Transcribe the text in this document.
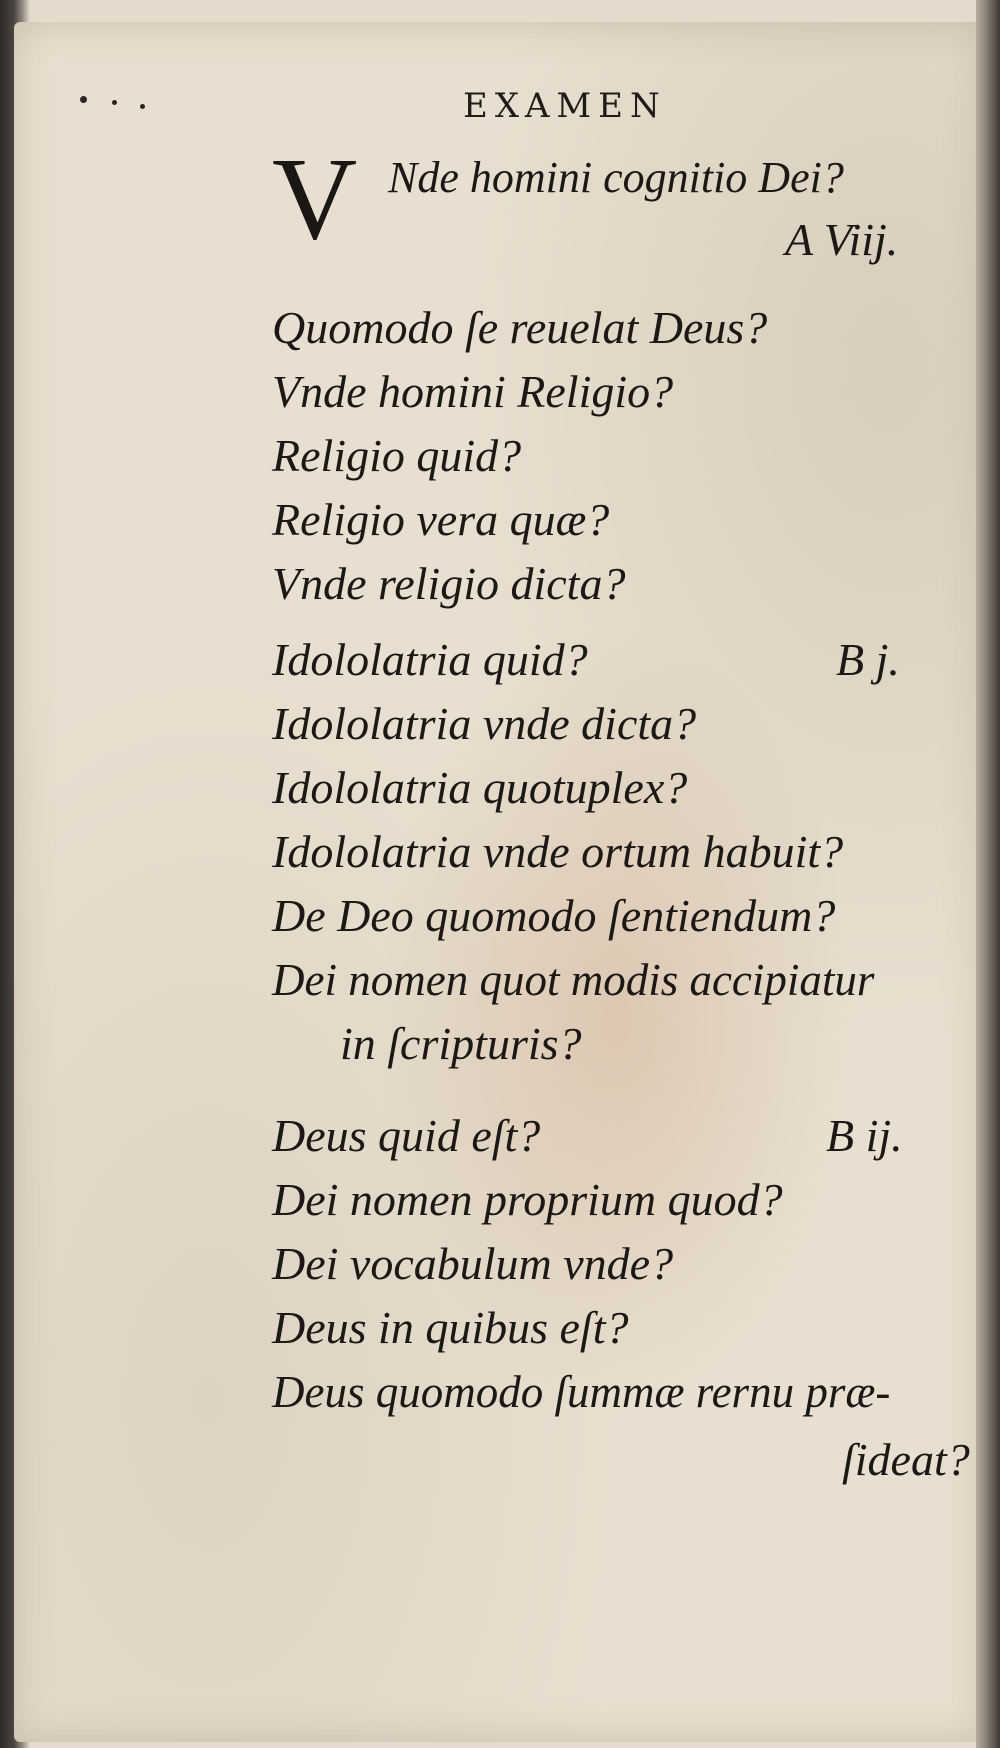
EXAMEN
V Nde homini cognitio Dei?
A Viij.
Quomodo ſe reuelat Deus?
Vnde homini Religio?
Religio quid?
Religio vera quæ?
Vnde religio dicta?
Idololatria quid?	B j.
Idololatria vnde dicta?
Idololatria quotuplex?
Idololatria vnde ortum habuit?
De Deo quomodo ſentiendum?
Dei nomen quot modis accipiatur
in ſcripturis?
Deus quid eſt?	B ij.
Dei nomen proprium quod?
Dei vocabulum vnde?
Deus in quibus eſt?
Deus quomodo ſummæ rernu præ-
ſideat?
